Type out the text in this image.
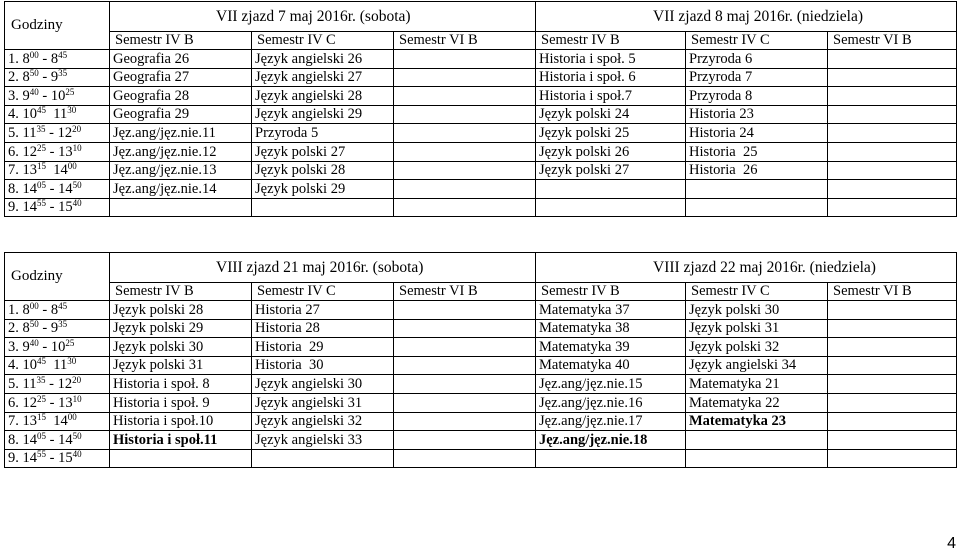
Godziny	VII zjazd 7 maj 2016r. (sobota)			VII zjazd 8 maj 2016r. (niedziela)		
	Semestr IV B	Semestr IV C	Semestr VI B	Semestr IV B	Semestr IV C	Semestr VI B
1. $8^{00} - 8^{45}$	Geografia 26	Język angielski 26		Historia i społ. 5	Przyroda 6	
2. $8^{50} - 9^{35}$	Geografia 27	Język angielski 27		Historia i społ. 6	Przyroda 7	
3. $9^{40} - 10^{25}$	Geografia 28	Język angielski 28		Historia i społ.7	Przyroda 8	
4. $10^{45}$ $11^{30}$	Geografia 29	Język angielski 29		Język polski 24	Historia 23	
5. $11^{35} - 12^{20}$	Jęz.ang/jęz.nie.11	Przyroda 5		Język polski 25	Historia 24	
6. $12^{25} - 13^{10}$	Jęz.ang/jęz.nie.12	Język polski 27		Język polski 26	Historia  25	
7. $13^{15}$ $14^{00}$	Jęz.ang/jęz.nie.13	Język polski 28		Język polski 27	Historia  26	
8. $14^{05} - 14^{50}$	Jęz.ang/jęz.nie.14	Język polski 29				
9. $14^{55} - 15^{40}$						
Godziny	VIII zjazd 21 maj 2016r. (sobota)			VIII zjazd 22 maj 2016r. (niedziela)		
	Semestr IV B	Semestr IV C	Semestr VI B	Semestr IV B	Semestr IV C	Semestr VI B
1. $8^{00} - 8^{45}$	Język polski 28	Historia 27		Matematyka 37	Język polski 30	
2. $8^{50} - 9^{35}$	Język polski 29	Historia 28		Matematyka 38	Język polski 31	
3. $9^{40} - 10^{25}$	Język polski 30	Historia  29		Matematyka 39	Język polski 32	
4. $10^{45}$ $11^{30}$	Język polski 31	Historia  30		Matematyka 40	Język angielski 34	
5. $11^{35} - 12^{20}$	Historia i społ. 8	Język angielski 30		Jęz.ang/jęz.nie.15	Matematyka 21	
6. $12^{25} - 13^{10}$	Historia i społ. 9	Język angielski 31		Jęz.ang/jęz.nie.16	Matematyka 22	
7. $13^{15}$ $14^{00}$	Historia i społ.10	Język angielski 32		Jęz.ang/jęz.nie.17	Matematyka 23	
8. $14^{05} - 14^{50}$	Historia i społ.11	Język angielski 33		Jęz.ang/jęz.nie.18		
9. $14^{55} - 15^{40}$						
4
